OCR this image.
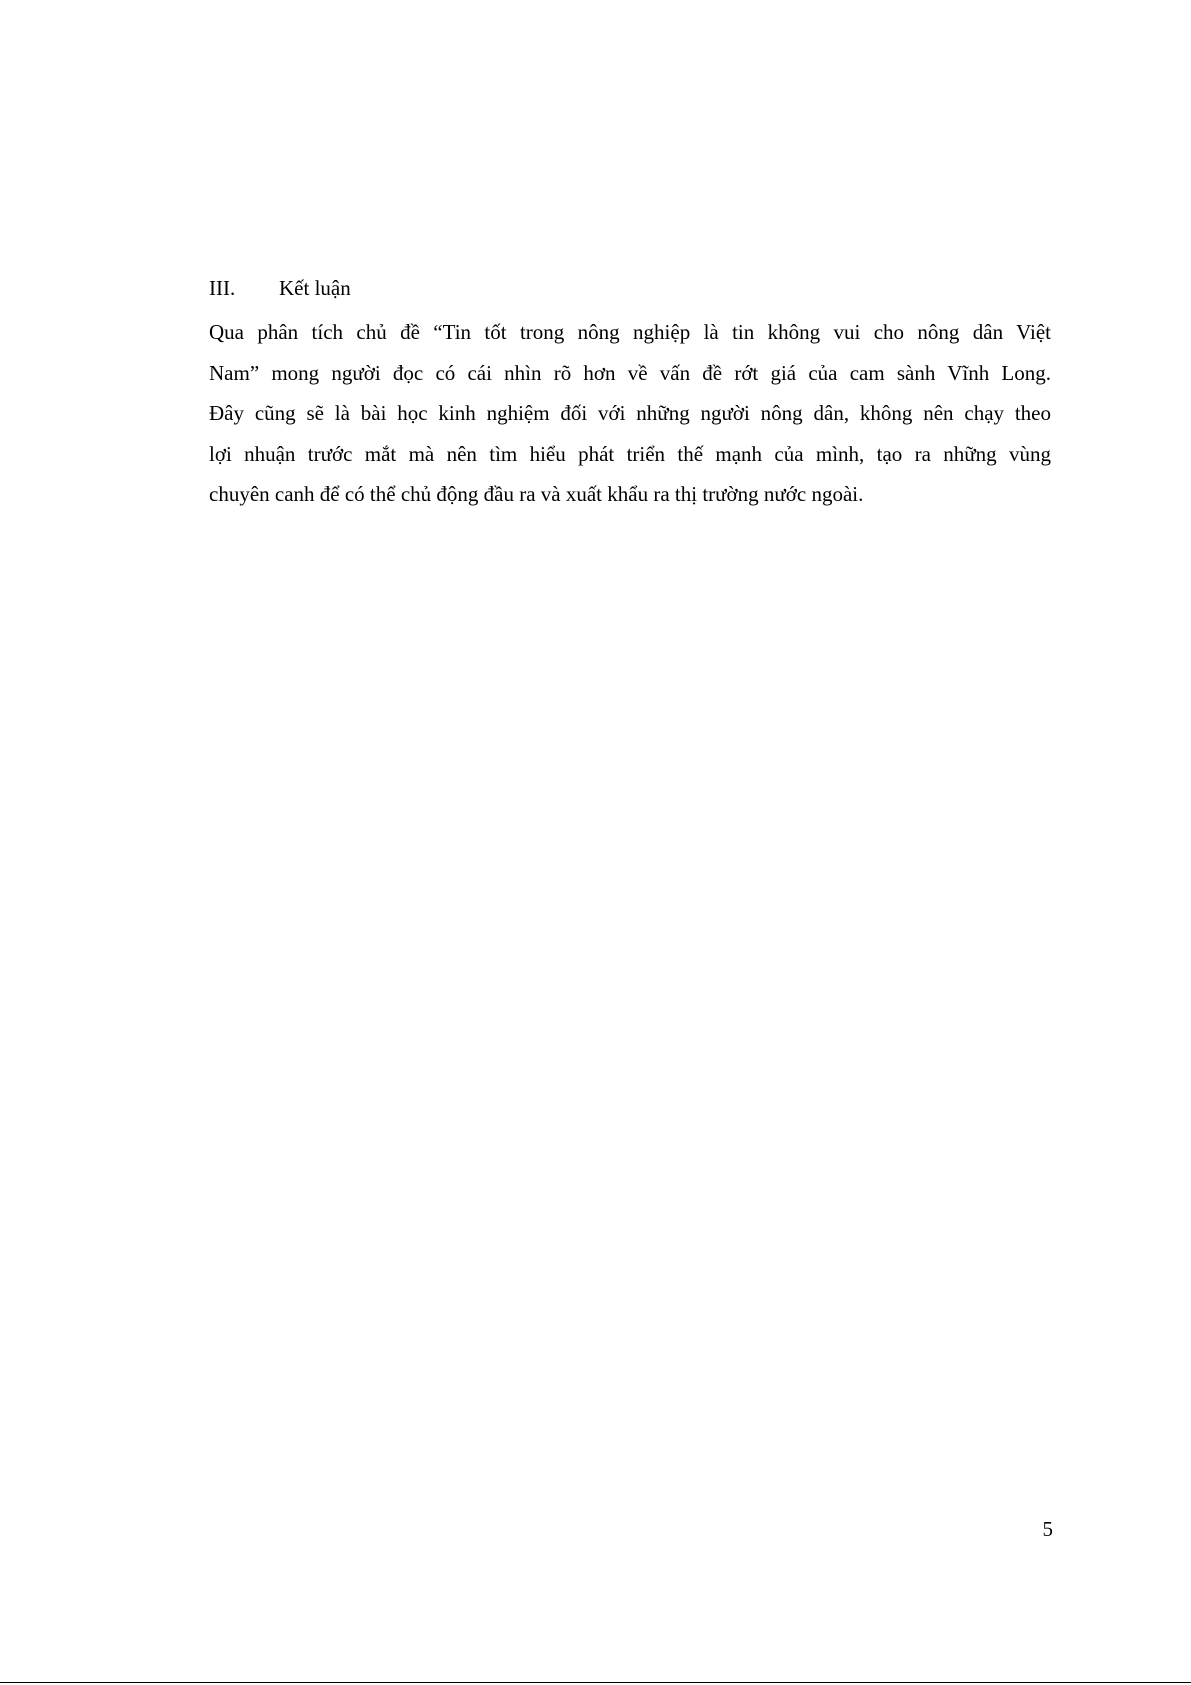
III. Kết luận
Qua phân tích chủ đề “Tin tốt trong nông nghiệp là tin không vui cho nông dân Việt
Nam” mong người đọc có cái nhìn rõ hơn về vấn đề rớt giá của cam sành Vĩnh Long.
Đây cũng sẽ là bài học kinh nghiệm đối với những người nông dân, không nên chạy theo
lợi nhuận trước mắt mà nên tìm hiểu phát triển thế mạnh của mình, tạo ra những vùng
chuyên canh để có thể chủ động đầu ra và xuất khẩu ra thị trường nước ngoài.
5
